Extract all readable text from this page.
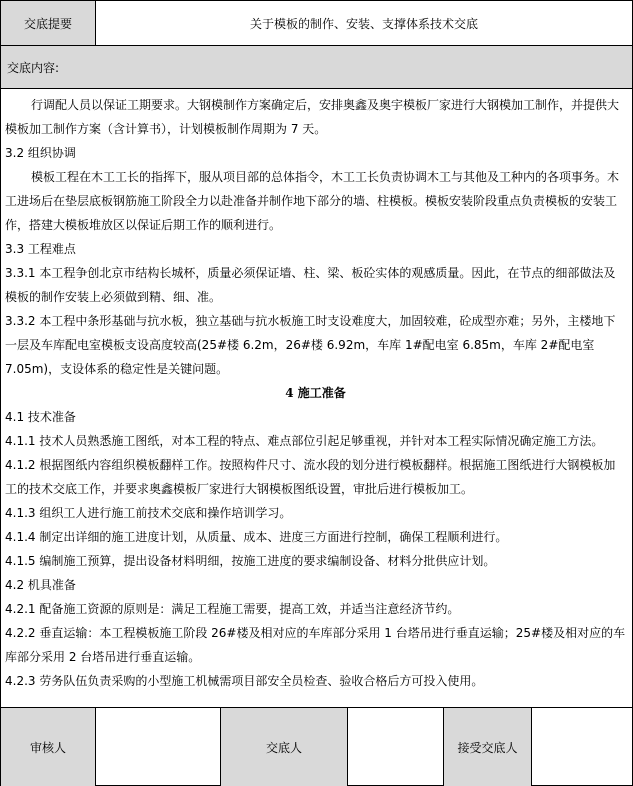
交底提要	关于模板的制作、安装、支撑体系技术交底
交底内容:

行调配人员以保证工期要求。大钢模制作方案确定后，安排奥鑫及奥宇模板厂家进行大钢模加工制作，并提供大模板加工制作方案（含计算书），计划模板制作周期为 7 天。

3.2 组织协调

模板工程在木工工长的指挥下，服从项目部的总体指令，木工工长负责协调木工与其他及工种内的各项事务。木工进场后在垫层底板钢筋施工阶段全力以赴准备并制作地下部分的墙、柱模板。模板安装阶段重点负责模板的安装工作，搭建大模板堆放区以保证后期工作的顺利进行。

3.3 工程难点

3.3.1 本工程争创北京市结构长城杯，质量必须保证墙、柱、梁、板砼实体的观感质量。因此，在节点的细部做法及模板的制作安装上必须做到精、细、准。

3.3.2 本工程中条形基础与抗水板，独立基础与抗水板施工时支设难度大，加固较难，砼成型亦难；另外，主楼地下一层及车库配电室模板支设高度较高(25#楼 6.2m，26#楼 6.92m，车库 1#配电室 6.85m，车库 2#配电室 7.05m)，支设体系的稳定性是关键问题。

4 施工准备

4.1 技术准备

4.1.1 技术人员熟悉施工图纸，对本工程的特点、难点部位引起足够重视，并针对本工程实际情况确定施工方法。

4.1.2 根据图纸内容组织模板翻样工作。按照构件尺寸、流水段的划分进行模板翻样。根据施工图纸进行大钢模板加工的技术交底工作，并要求奥鑫模板厂家进行大钢模板图纸设置，审批后进行模板加工。

4.1.3 组织工人进行施工前技术交底和操作培训学习。

4.1.4 制定出详细的施工进度计划，从质量、成本、进度三方面进行控制，确保工程顺利进行。

4.1.5 编制施工预算，提出设备材料明细，按施工进度的要求编制设备、材料分批供应计划。

4.2 机具准备

4.2.1 配备施工资源的原则是：满足工程施工需要，提高工效，并适当注意经济节约。

4.2.2 垂直运输：本工程模板施工阶段 26#楼及相对应的车库部分采用 1 台塔吊进行垂直运输；25#楼及相对应的车库部分采用 2 台塔吊进行垂直运输。

4.2.3 劳务队伍负责采购的小型施工机械需项目部安全员检查、验收合格后方可投入使用。

审核人	交底人	接受交底人
